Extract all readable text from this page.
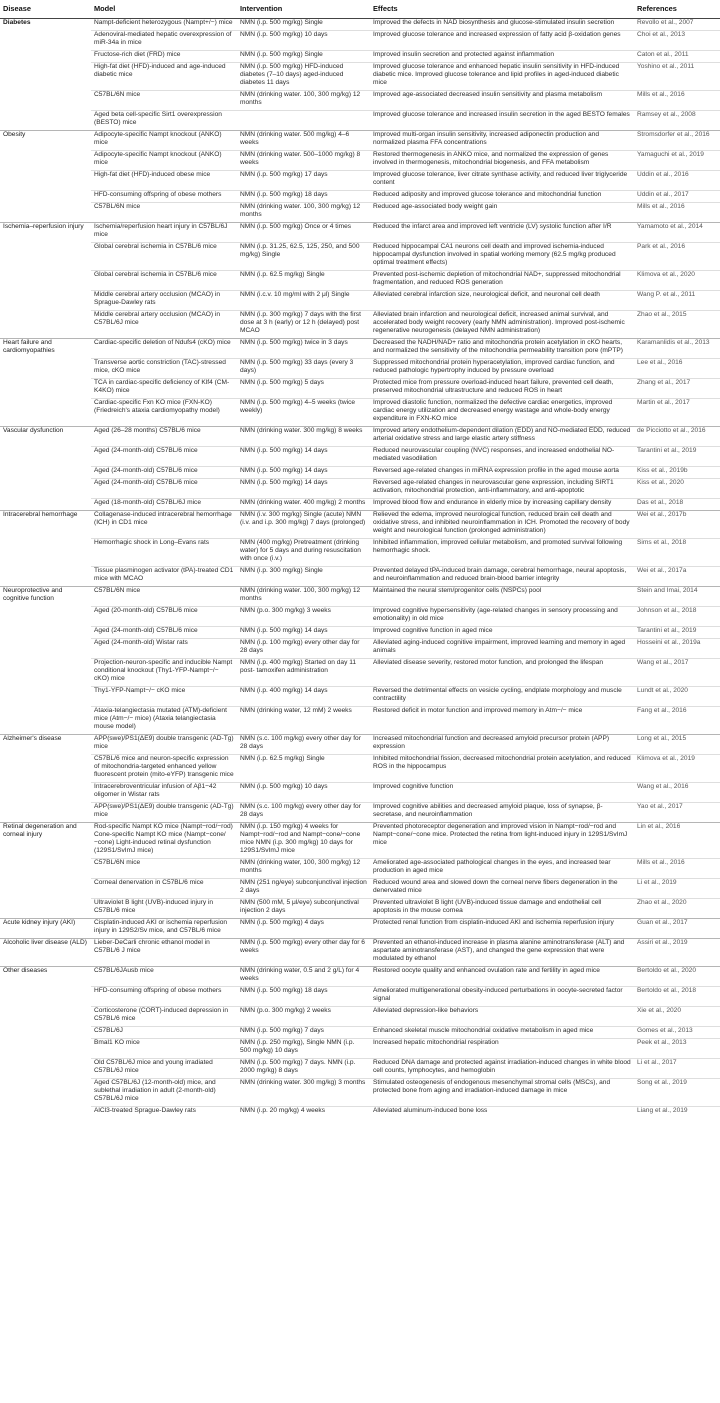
Disease	Model	Intervention	Effects	References
Diabetes	Nampt-deficient heterozygous (Nampt+/−) mice	NMN (i.p. 500 mg/kg) Single	Improved the defects in NAD biosynthesis and glucose-stimulated insulin secretion	Revollo et al., 2007
	Adenoviral-mediated hepatic overexpression of miR-34a in mice	NMN (i.p. 500 mg/kg) 10 days	Improved glucose tolerance and increased expression of fatty acid β-oxidation genes	Choi et al., 2013
	Fructose-rich diet (FRD) mice	NMN (i.p. 500 mg/kg) Single	Improved insulin secretion and protected against inflammation	Caton et al., 2011
	High-fat diet (HFD)-induced and age-induced diabetic mice	NMN (i.p. 500 mg/kg) HFD-induced diabetes (7–10 days) aged-induced diabetes 11 days	Improved glucose tolerance and enhanced hepatic insulin sensitivity in HFD-induced diabetic mice. Improved glucose tolerance and lipid profiles in aged-induced diabetic mice	Yoshino et al., 2011
	C57BL/6N mice	NMN (drinking water. 100, 300 mg/kg) 12 months	Improved age-associated decreased insulin sensitivity and plasma metabolism	Mills et al., 2016
	Aged beta cell-specific Sirt1 overexpression (BESTO) mice		Improved glucose tolerance and increased insulin secretion in the aged BESTO females	Ramsey et al., 2008
Obesity	Adipocyte-specific Nampt knockout (ANKO) mice	NMN (drinking water. 500 mg/kg) 4–6 weeks	Improved multi-organ insulin sensitivity, increased adiponectin production and normalized plasma FFA concentrations	Stromsdorfer et al., 2016
	Adipocyte-specific Nampt knockout (ANKO) mice	NMN (drinking water. 500–1000 mg/kg) 8 weeks	Restored thermogenesis in ANKO mice, and normalized the expression of genes involved in thermogenesis, mitochondrial biogenesis, and FFA metabolism	Yamaguchi et al., 2019
	High-fat diet (HFD)-induced obese mice	NMN (i.p. 500 mg/kg) 17 days	Improved glucose tolerance, liver citrate synthase activity, and reduced liver triglyceride content	Uddin et al., 2016
	HFD-consuming offspring of obese mothers	NMN (i.p. 500 mg/kg) 18 days	Reduced adiposity and improved glucose tolerance and mitochondrial function	Uddin et al., 2017
	C57BL/6N mice	NMN (drinking water. 100, 300 mg/kg) 12 months	Reduced age-associated body weight gain	Mills et al., 2016
Ischemia–reperfusion injury	Ischemia/reperfusion heart injury in C57BL/6J mice	NMN (i.p. 500 mg/kg) Once or 4 times	Reduced the infarct area and improved left ventricle (LV) systolic function after I/R	Yamamoto et al., 2014
	Global cerebral ischemia in C57BL/6 mice	NMN (i.p. 31.25, 62.5, 125, 250, and 500 mg/kg) Single	Reduced hippocampal CA1 neurons cell death and improved ischemia-induced hippocampal dysfunction involved in spatial working memory (62.5 mg/kg produced optimal treatment effects)	Park et al., 2016
	Global cerebral ischemia in C57BL/6 mice	NMN (i.p. 62.5 mg/kg) Single	Prevented post-ischemic depletion of mitochondrial NAD+, suppressed mitochondrial fragmentation, and reduced ROS generation	Klimova et al., 2020
	Middle cerebral artery occlusion (MCAO) in Sprague-Dawley rats	NMN (i.c.v. 10 mg/ml with 2 μl) Single	Alleviated cerebral infarction size, neurological deficit, and neuronal cell death	Wang P. et al., 2011
	Middle cerebral artery occlusion (MCAO) in C57BL/6J mice	NMN (i.p. 300 mg/kg) 7 days with the first dose at 3 h (early) or 12 h (delayed) post MCAO	Alleviated brain infarction and neurological deficit, increased animal survival, and accelerated body weight recovery (early NMN administration). Improved post-ischemic regenerative neurogenesis (delayed NMN administration)	Zhao et al., 2015
Heart failure and cardiomyopathies	Cardiac-specific deletion of Ndufs4 (cKO) mice	NMN (i.p. 500 mg/kg) twice in 3 days	Decreased the NADH/NAD+ ratio and mitochondria protein acetylation in cKO hearts, and normalized the sensitivity of the mitochondria permeability transition pore (mPTP)	Karamanlidis et al., 2013
	Transverse aortic constriction (TAC)-stressed mice, cKO mice	NMN (i.p. 500 mg/kg) 33 days (every 3 days)	Suppressed mitochondrial protein hyperacetylation, improved cardiac function, and reduced pathologic hypertrophy induced by pressure overload	Lee et al., 2016
	TCA in cardiac-specific deficiency of Klf4 (CM-K4KO) mice	NMN (i.p. 500 mg/kg) 5 days	Protected mice from pressure overload-induced heart failure, prevented cell death, preserved mitochondrial ultrastructure and reduced ROS in heart	Zhang et al., 2017
	Cardiac-specific Fxn KO mice (FXN-KO) (Friedreich's ataxia cardiomyopathy model)	NMN (i.p. 500 mg/kg) 4–5 weeks (twice weekly)	Improved diastolic function, normalized the defective cardiac energetics, improved cardiac energy utilization and decreased energy wastage and whole-body energy expenditure in FXN-KO mice	Martin et al., 2017
Vascular dysfunction	Aged (26–28 months) C57BL/6 mice	NMN (drinking water. 300 mg/kg) 8 weeks	Improved artery endothelium-dependent dilation (EDD) and NO-mediated EDD, reduced arterial oxidative stress and large elastic artery stiffness	de Picciotto et al., 2016
	Aged (24-month-old) C57BL/6 mice	NMN (i.p. 500 mg/kg) 14 days	Reduced neurovascular coupling (NVC) responses, and increased endothelial NO-mediated vasodilation	Tarantini et al., 2019
	Aged (24-month-old) C57BL/6 mice	NMN (i.p. 500 mg/kg) 14 days	Reversed age-related changes in miRNA expression profile in the aged mouse aorta	Kiss et al., 2019b
	Aged (24-month-old) C57BL/6 mice	NMN (i.p. 500 mg/kg) 14 days	Reversed age-related changes in neurovascular gene expression, including SIRT1 activation, mitochondrial protection, anti-inflammatory, and anti-apoptotic	Kiss et al., 2020
	Aged (18-month-old) C57BL/6J mice	NMN (drinking water. 400 mg/kg) 2 months	Improved blood flow and endurance in elderly mice by increasing capillary density	Das et al., 2018
Intracerebral hemorrhage	Collagenase-induced intracerebral hemorrhage (ICH) in CD1 mice	NMN (i.v. 300 mg/kg) Single (acute) NMN (i.v. and i.p. 300 mg/kg) 7 days (prolonged)	Relieved the edema, improved neurological function, reduced brain cell death and oxidative stress, and inhibited neuroinflammation in ICH. Promoted the recovery of body weight and neurological function (prolonged administration)	Wei et al., 2017b
	Hemorrhagic shock in Long–Evans rats	NMN (400 mg/kg) Pretreatment (drinking water) for 5 days and during resuscitation with once (i.v.)	Inhibited inflammation, improved cellular metabolism, and promoted survival following hemorrhagic shock.	Sims et al., 2018
	Tissue plasminogen activator (tPA)-treated CD1 mice with MCAO	NMN (i.p. 300 mg/kg) Single	Prevented delayed tPA-induced brain damage, cerebral hemorrhage, neural apoptosis, and neuroinflammation and reduced brain-blood barrier integrity	Wei et al., 2017a
Neuroprotective and cognitive function	C57BL/6N mice	NMN (drinking water. 100, 300 mg/kg) 12 months	Maintained the neural stem/progenitor cells (NSPCs) pool	Stein and Imai, 2014
	Aged (20-month-old) C57BL/6 mice	NMN (p.o. 300 mg/kg) 3 weeks	Improved cognitive hypersensitivity (age-related changes in sensory processing and emotionality) in old mice	Johnson et al., 2018
	Aged (24-month-old) C57BL/6 mice	NMN (i.p. 500 mg/kg) 14 days	Improved cognitive function in aged mice	Tarantini et al., 2019
	Aged (24-month-old) Wistar rats	NMN (i.p. 100 mg/kg) every other day for 28 days	Alleviated aging-induced cognitive impairment, improved learning and memory in aged animals	Hosseini et al., 2019a
	Projection-neuron-specific and inducible Nampt conditional knockout (Thy1-YFP-Nampt−/− cKO) mice	NMN (i.p. 400 mg/kg) Started on day 11 post- tamoxifen administration	Alleviated disease severity, restored motor function, and prolonged the lifespan	Wang et al., 2017
	Thy1-YFP-Nampt−/− cKO mice	NMN (i.p. 400 mg/kg) 14 days	Reversed the detrimental effects on vesicle cycling, endplate morphology and muscle contractility	Lundt et al., 2020
	Ataxia-telangiectasia mutated (ATM)-deficient mice (Atm−/− mice) (Ataxia telangiectasia mouse model)	NMN (drinking water, 12 mM) 2 weeks	Restored deficit in motor function and improved memory in Atm−/− mice	Fang et al., 2016
Alzheimer's disease	APP(swe)/PS1(ΔE9) double transgenic (AD-Tg) mice	NMN (s.c. 100 mg/kg) every other day for 28 days	Increased mitochondrial function and decreased amyloid precursor protein (APP) expression	Long et al., 2015
	C57BL/6 mice and neuron-specific expression of mitochondria-targeted enhanced yellow fluorescent protein (mito-eYFP) transgenic mice	NMN (i.p. 62.5 mg/kg) Single	Inhibited mitochondrial fission, decreased mitochondrial protein acetylation, and reduced ROS in the hippocampus	Klimova et al., 2019
	Intracerebroventricular infusion of Aβ1−42 oligomer in Wistar rats	NMN (i.p. 500 mg/kg) 10 days	Improved cognitive function	Wang et al., 2016
	APP(swe)/PS1(ΔE9) double transgenic (AD-Tg) mice	NMN (s.c. 100 mg/kg) every other day for 28 days	Improved cognitive abilities and decreased amyloid plaque, loss of synapse, β-secretase, and neuroinflammation	Yao et al., 2017
Retinal degeneration and corneal injury	Rod-specific Nampt KO mice (Nampt−rod/−rod) Cone-specific Nampt KO mice (Nampt−cone/−cone) Light-induced retinal dysfunction (129S1/SvImJ mice)	NMN (i.p. 150 mg/kg) 4 weeks for Nampt−rod/−rod and Nampt−cone/−cone mice NMN (i.p. 300 mg/kg) 10 days for 129S1/SvImJ mice	Prevented photoreceptor degeneration and improved vision in Nampt−rod/−rod and Nampt−cone/−cone mice. Protected the retina from light-induced injury in 129S1/SvImJ mice	Lin et al., 2016
	C57BL/6N mice	NMN (drinking water, 100, 300 mg/kg) 12 months	Ameliorated age-associated pathological changes in the eyes, and increased tear production in aged mice	Mills et al., 2016
	Corneal denervation in C57BL/6 mice	NMN (251 ng/eye) subconjunctival injection 2 days	Reduced wound area and slowed down the corneal nerve fibers degeneration in the denervated mice	Li et al., 2019
	Ultraviolet B light (UVB)-induced injury in C57BL/6 mice	NMN (500 mM, 5 μl/eye) subconjunctival injection 2 days	Prevented ultraviolet B light (UVB)-induced tissue damage and endothelial cell apoptosis in the mouse cornea	Zhao et al., 2020
Acute kidney injury (AKI)	Cisplatin-induced AKI or ischemia reperfusion injury in 129S2/Sv mice, and C57BL/6 mice	NMN (i.p. 500 mg/kg) 4 days	Protected renal function from cisplatin-induced AKI and ischemia reperfusion injury	Guan et al., 2017
Alcoholic liver disease (ALD)	Lieber-DeCarli chronic ethanol model in C57BL/6 J mice	NMN (i.p. 500 mg/kg) every other day for 6 weeks	Prevented an ethanol-induced increase in plasma alanine aminotransferase (ALT) and aspartate aminotransferase (AST), and changed the gene expression that were modulated by ethanol	Assiri et al., 2019
Other diseases	C57BL/6JAusb mice	NMN (drinking water, 0.5 and 2 g/L) for 4 weeks	Restored oocyte quality and enhanced ovulation rate and fertility in aged mice	Bertoldo et al., 2020
	HFD-consuming offspring of obese mothers	NMN (i.p. 500 mg/kg) 18 days	Ameliorated multigenerational obesity-induced perturbations in oocyte-secreted factor signal	Bertoldo et al., 2018
	Corticosterone (CORT)-induced depression in C57BL/6 mice	NMN (p.o. 300 mg/kg) 2 weeks	Alleviated depression-like behaviors	Xie et al., 2020
	C57BL/6J	NMN (i.p. 500 mg/kg) 7 days	Enhanced skeletal muscle mitochondrial oxidative metabolism in aged mice	Gomes et al., 2013
	Bmal1 KO mice	NMN (i.p. 250 mg/kg), Single NMN (i.p. 500 mg/kg) 10 days	Increased hepatic mitochondrial respiration	Peek et al., 2013
	Old C57BL/6J mice and young irradiated C57BL/6J mice	NMN (i.p. 500 mg/kg) 7 days. NMN (i.p. 2000 mg/kg) 8 days	Reduced DNA damage and protected against irradiation-induced changes in white blood cell counts, lymphocytes, and hemoglobin	Li et al., 2017
	Aged C57BL/6J (12-month-old) mice, and sublethal irradiation in adult (2-month-old) C57BL/6J mice	NMN (drinking water. 300 mg/kg) 3 months	Stimulated osteogenesis of endogenous mesenchymal stromal cells (MSCs), and protected bone from aging and irradiation-induced damage in mice	Song et al., 2019
	AlCl3-treated Sprague-Dawley rats	NMN (i.p. 20 mg/kg) 4 weeks	Alleviated aluminum-induced bone loss	Liang et al., 2019
